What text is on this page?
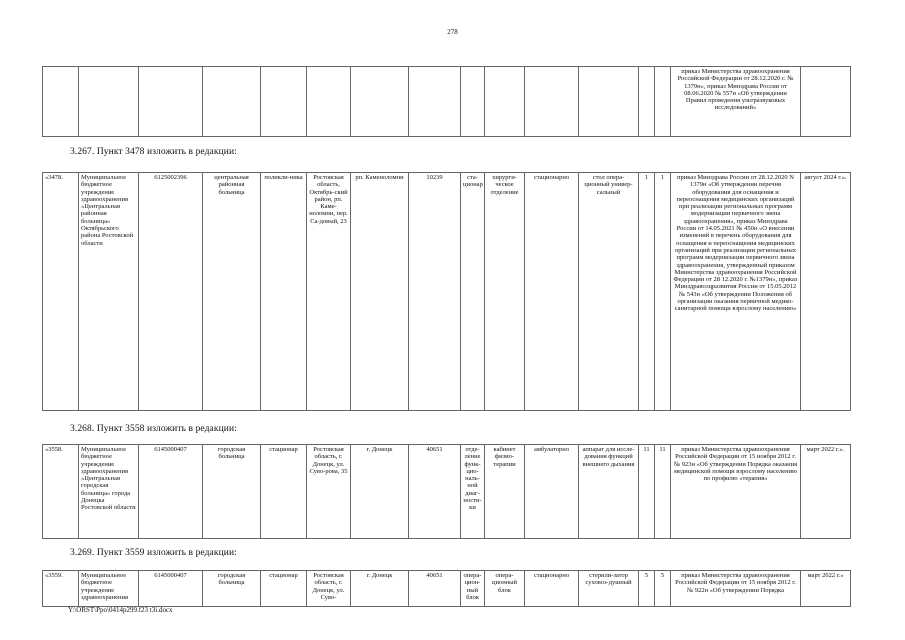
278
														приказ Министерства здравоохранения Российской Федерации от 28.12.2020 г. № 1379н», приказ Минздрава России от 08.06.2020 № 557н «Об утверждении Правил проведения ультразвуковых исследований»	
3.267. Пункт 3478 изложить в редакции:
«3478.	Муниципальное бюджетное учреждение здравоохранения «Центральная районная больница» Октябрьского района Ростовской области	6125002396	центральная районная больница	поликли-ника	Ростовская область, Октябрь-ский район, рп. Каме-ноломни, пер. Са-довый, 23	рп. Каменоломни	10239	ста-ционар	хирурги-ческое отделение	стационарно	стол опера-ционный универ-сальный	1	1	приказ Минздрава России от 28.12.2020 N 1379н «Об утверждении перечня оборудования для оснащения и переоснащения медицинских организаций при реализации региональных программ модернизации первичного звена здравоохранения», приказ Минздрава России от 14.05.2021 № 450н «О внесении изменений в перечень оборудования для оснащения и переоснащения медицинских организаций при реализации региональных программ модернизации первичного звена здравоохранения, утвержденный приказом Министерства здравоохранения Российской Федерации от 28 12.2020 г. №1379н», приказ Минздравсоцразвития России от 15.05.2012 № 543н «Об утверждении Положения об организации оказания первичной медико-санитарной помощи взрослому населению»	август 2024 г.».
3.268. Пункт 3558 изложить в редакции:
«3558.	Муниципальное бюджетное учреждение здравоохранения «Центральная городская больница» города Донецка Ростовской области	6145000407	городская больница	стационар	Ростовская область, г. Донецк, ул. Суво-рова, 35	г. Донецк	40651	отде-ление функ-цио-наль-ной диаг-ности-ки	кабинет физио-терапии	амбулаторно	аппарат для иссле-дования функций внешнего дыхания	11	11	приказ Министерства здравоохранения Российской Федерации от 15 ноября 2012 г. № 923н «Об утверждении Порядка оказания медицинской помощи взрослому населению по профилю «терапия»	март 2022 г.».
3.269. Пункт 3559 изложить в редакции:
«3559.	Муниципальное бюджетное учреждение здравоохранения	6145000407	городская больница	стационар	Ростовская область, г. Донецк, ул. Суво-	г. Донецк	40651	опера-цион-ный блок	опера-ционный блок	стационарно	стерили-затор суховоз-душный	5	5	приказ Министерства здравоохранения Российской Федерации от 15 ноября 2012 г. № 922н «Об утверждении Порядка	март 2022 г.»
Y:\ORST\Ppo\0414p299.f23 t3i.docx
